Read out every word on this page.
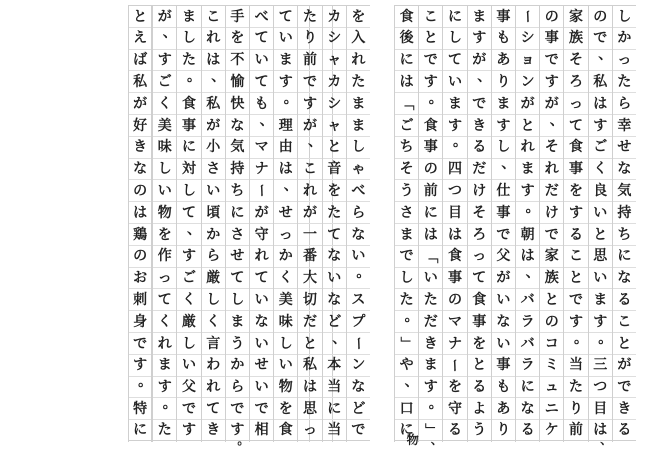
し
か
っ
た
ら
幸
せ
な
気
持
ち
に
な
る
こ
と
が
で
き
る
の
で
、
私
は
す
ご
く
良
い
と
思
い
ま
す
。
三
つ
目
は
、
家
族
そ
ろ
っ
て
食
事
を
す
る
こ
と
で
す
。
当
た
り
前
の
事
で
す
が
、
そ
れ
だ
け
で
家
族
と
の
コ
ミ
ュ
ニ
ケ
ー
シ
ョ
ン
が
と
れ
ま
す
。
朝
は
、
バ
ラ
バ
ラ
に
な
る
事
も
あ
り
ま
す
し
、
仕
事
で
父
が
い
な
い
事
も
あ
り
ま
す
が
、
で
き
る
だ
け
そ
ろ
っ
て
食
事
を
と
る
よ
う
に
し
て
い
ま
す
。
四
つ
目
は
食
事
の
マ
ナ
ー
を
守
る
こ
と
で
す
。
食
事
の
前
に
は
「
い
た
だ
き
ま
す
。
」
、
食
後
に
は
「
ご
ち
そ
う
さ
ま
で
し
た
。
」
や
、
口
に
物
を
入
れ
た
ま
ま
し
ゃ
べ
ら
な
い
。
ス
プ
ー
ン
な
ど
で
カ
シ
ャ
カ
シ
ャ
と
音
を
た
て
な
い
な
ど
、
本
当
に
当
た
り
前
で
す
が
、
こ
れ
が
一
番
大
切
だ
と
私
は
思
っ
て
い
ま
す
。
理
由
は
、
せ
っ
か
く
美
味
し
い
物
を
食
べ
て
い
て
も
、
マ
ナ
ー
が
守
れ
て
い
な
い
せ
い
で
相
手
を
不
愉
快
な
気
持
ち
に
さ
せ
て
し
ま
う
か
ら
で
す
。
こ
れ
は
、
私
が
小
さ
い
頃
か
ら
厳
し
く
言
わ
れ
て
き
ま
し
た
。
食
事
に
対
し
て
、
す
ご
く
厳
し
い
父
で
す
が
、
す
ご
く
美
味
し
い
物
を
作
っ
て
く
れ
ま
す
。
た
と
え
ば
私
が
好
き
な
の
は
鶏
の
お
刺
身
で
す
。
特
に
